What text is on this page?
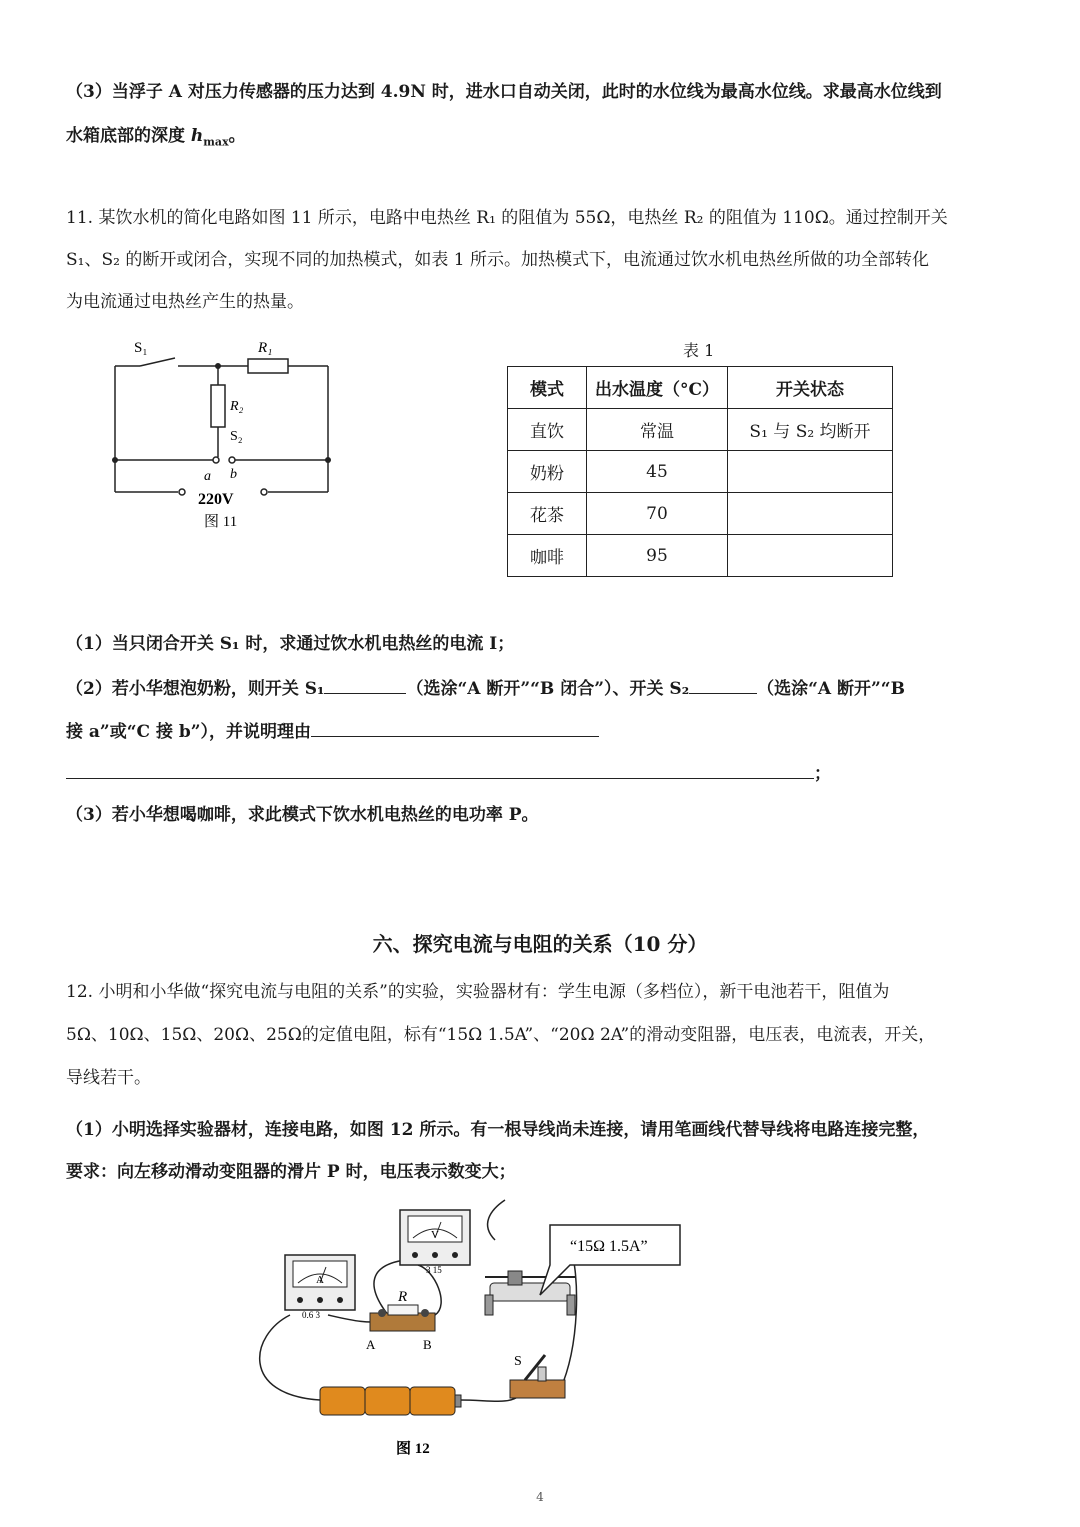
（3）当浮子 A 对压力传感器的压力达到 4.9N 时，进水口自动关闭，此时的水位线为最高水位线。求最高水位线到
水箱底部的深度 $h_{max}$。
11. 某饮水机的简化电路如图 11 所示，电路中电热丝 R₁ 的阻值为 55Ω，电热丝 R₂ 的阻值为 110Ω。通过控制开关
S₁、S₂ 的断开或闭合，实现不同的加热模式，如表 1 所示。加热模式下，电流通过饮水机电热丝所做的功全部转化
为电流通过电热丝产生的热量。
S₁	R₁
R₂
S₂
a b
220V
图 11
表 1
模式	出水温度（°C）	开关状态
直饮	常温	S₁ 与 S₂ 均断开
奶粉	45	
花茶	70	
咖啡	95	
（1）当只闭合开关 S₁ 时，求通过饮水机电热丝的电流 I；
（2）若小华想泡奶粉，则开关 S₁	（选涂“A 断开”“B 闭合”）、开关 S₂	（选涂“A 断开”“B
接 a”或“C 接 b”），并说明理由
；
（3）若小华想喝咖啡，求此模式下饮水机电热丝的电功率 P。
六、探究电流与电阻的关系（10 分）
12. 小明和小华做“探究电流与电阻的关系”的实验，实验器材有：学生电源（多档位），新干电池若干，阻值为
5Ω、10Ω、15Ω、20Ω、25Ω的定值电阻，标有“15Ω 1.5A”、“20Ω 2A”的滑动变阻器，电压表，电流表，开关，
导线若干。
（1）小明选择实验器材，连接电路，如图 12 所示。有一根导线尚未连接，请用笔画线代替导线将电路连接完整，
要求：向左移动滑动变阻器的滑片 P 时，电压表示数变大；
A
0.6 3
V
3 15
R
A	B
“15Ω 1.5A”
S
图 12
4
